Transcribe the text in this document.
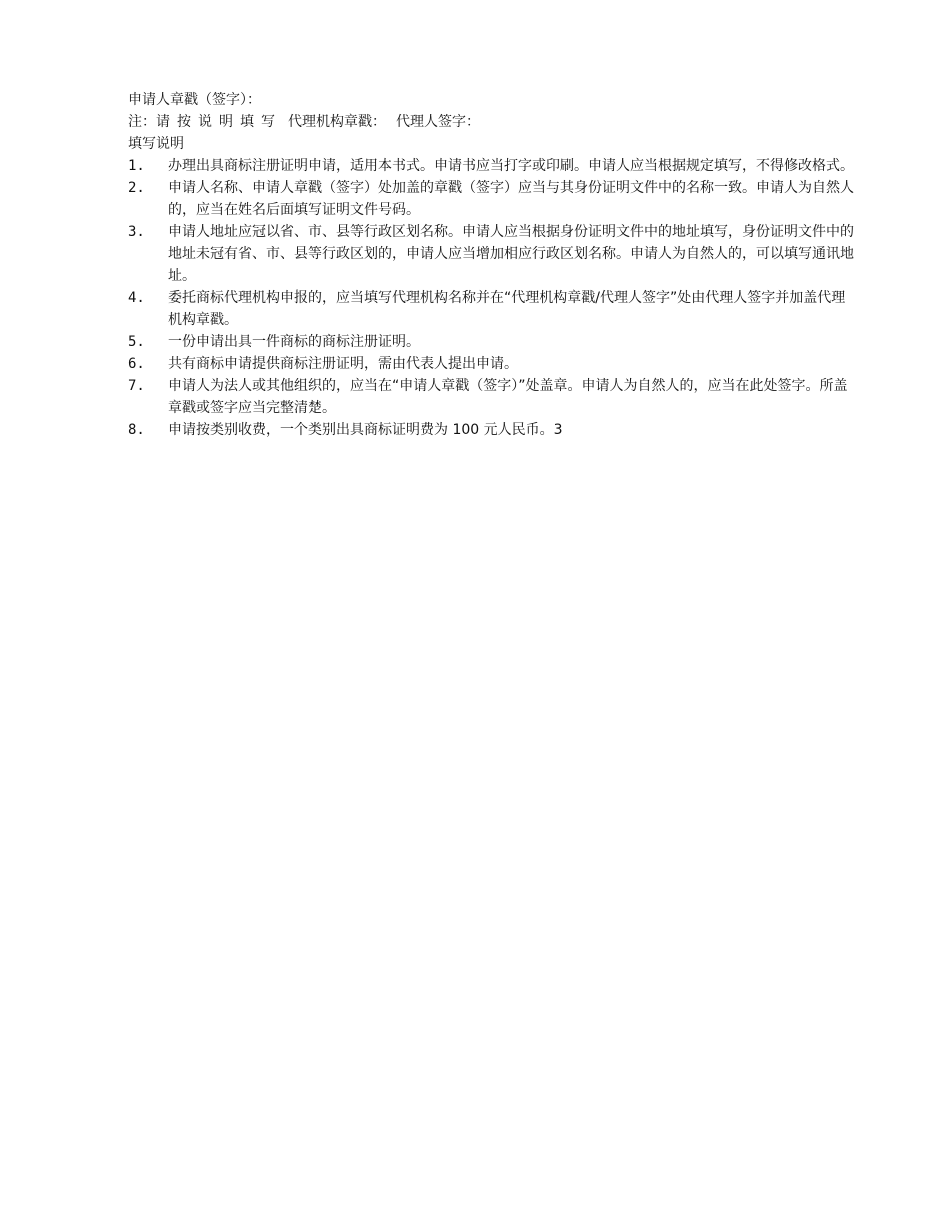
申请人章戳（签字）：
注： 请按说明填写 代理机构章戳： 代理人签字：
填写说明
1.	办理出具商标注册证明申请，适用本书式。申请书应当打字或印刷。申请人应当根据规定填写，不得修改格式。
2.	申请人名称、申请人章戳（签字）处加盖的章戳（签字）应当与其身份证明文件中的名称一致。申请人为自然人的，应当在姓名后面填写证明文件号码。
3.	申请人地址应冠以省、市、县等行政区划名称。申请人应当根据身份证明文件中的地址填写，身份证明文件中的地址未冠有省、市、县等行政区划的，申请人应当增加相应行政区划名称。申请人为自然人的，可以填写通讯地址。
4.	委托商标代理机构申报的，应当填写代理机构名称并在“代理机构章戳/代理人签字”处由代理人签字并加盖代理机构章戳。
5.	一份申请出具一件商标的商标注册证明。
6.	共有商标申请提供商标注册证明，需由代表人提出申请。
7.	申请人为法人或其他组织的，应当在“申请人章戳（签字）”处盖章。申请人为自然人的，应当在此处签字。所盖章戳或签字应当完整清楚。
8.	申请按类别收费，一个类别出具商标证明费为 100 元人民币。3
